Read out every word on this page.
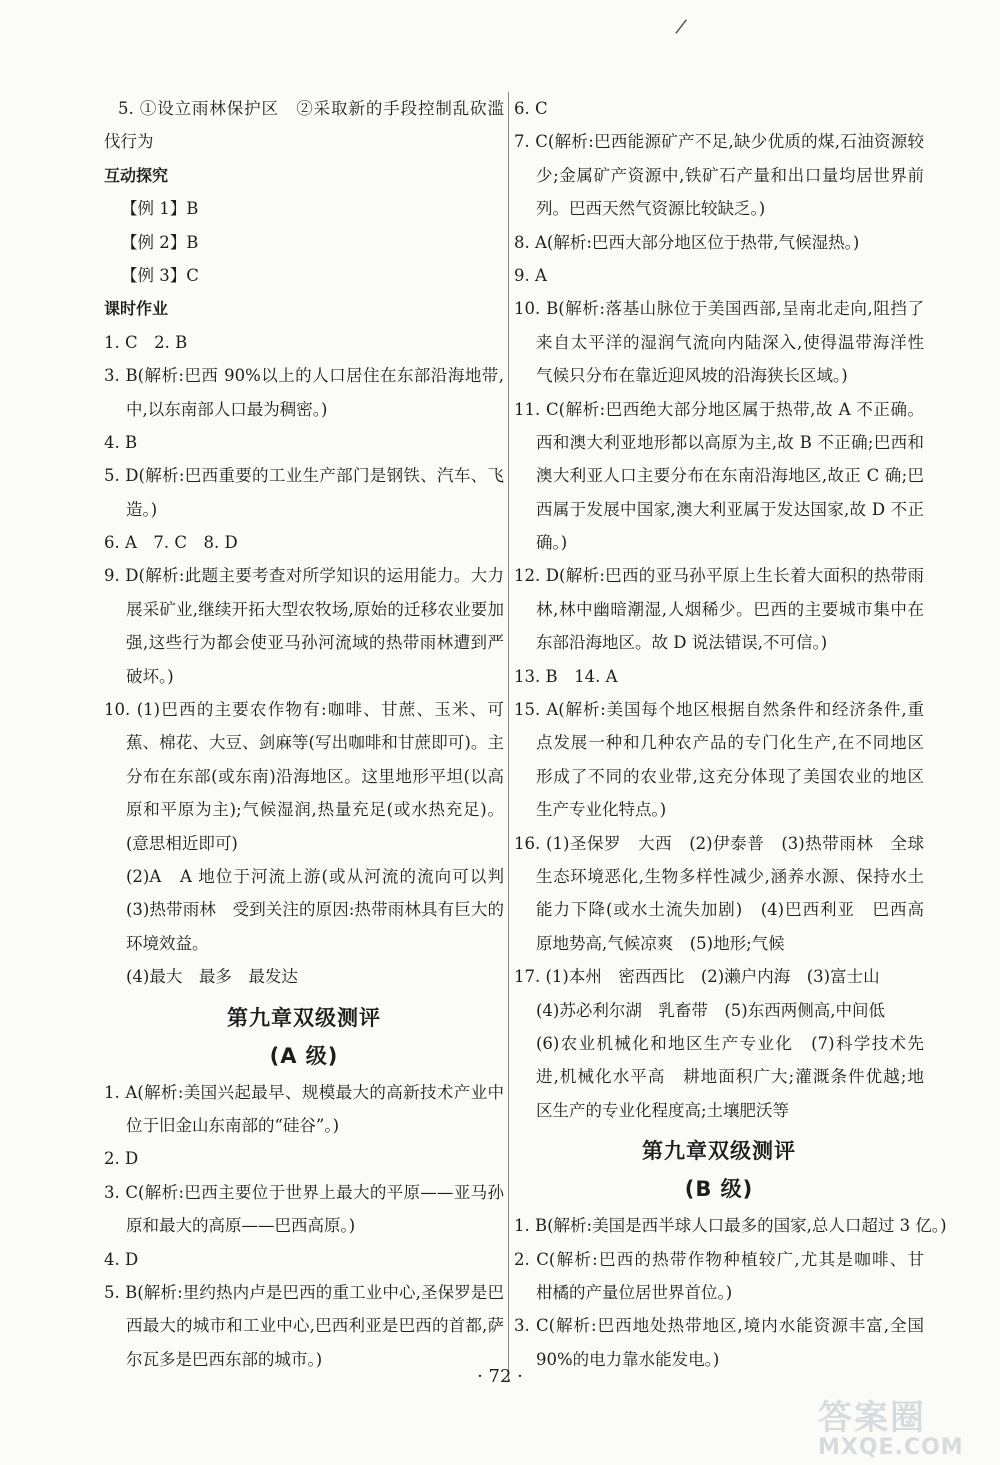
/
5. ①设立雨林保护区　②采取新的手段控制乱砍滥
伐行为
互动探究
【例 1】B
【例 2】B
【例 3】C
课时作业
1. C　2. B
3. B(解析:巴西 90%以上的人口居住在东部沿海地带,
中,以东南部人口最为稠密。)
4. B
5. D(解析:巴西重要的工业生产部门是钢铁、汽车、飞
造。)
6. A　7. C　8. D
9. D(解析:此题主要考查对所学知识的运用能力。大力
展采矿业,继续开拓大型农牧场,原始的迁移农业要加
强,这些行为都会使亚马孙河流域的热带雨林遭到严
破坏。)
10. (1)巴西的主要农作物有:咖啡、甘蔗、玉米、可
蕉、棉花、大豆、剑麻等(写出咖啡和甘蔗即可)。主
分布在东部(或东南)沿海地区。这里地形平坦(以高
原和平原为主);气候湿润,热量充足(或水热充足)。
(意思相近即可)
(2)A　A 地位于河流上游(或从河流的流向可以判
(3)热带雨林　受到关注的原因:热带雨林具有巨大的
环境效益。
(4)最大　最多　最发达
第九章双级测评
(A 级)
1. A(解析:美国兴起最早、规模最大的高新技术产业中
位于旧金山东南部的“硅谷”。)
2. D
3. C(解析:巴西主要位于世界上最大的平原——亚马孙
原和最大的高原——巴西高原。)
4. D
5. B(解析:里约热内卢是巴西的重工业中心,圣保罗是巴
西最大的城市和工业中心,巴西利亚是巴西的首都,萨
尔瓦多是巴西东部的城市。)
6. C
7. C(解析:巴西能源矿产不足,缺少优质的煤,石油资源较
少;金属矿产资源中,铁矿石产量和出口量均居世界前
列。巴西天然气资源比较缺乏。)
8. A(解析:巴西大部分地区位于热带,气候湿热。)
9. A
10. B(解析:落基山脉位于美国西部,呈南北走向,阻挡了
来自太平洋的湿润气流向内陆深入,使得温带海洋性
气候只分布在靠近迎风坡的沿海狭长区域。)
11. C(解析:巴西绝大部分地区属于热带,故 A 不正确。
西和澳大利亚地形都以高原为主,故 B 不正确;巴西和
澳大利亚人口主要分布在东南沿海地区,故正 C 确;巴
西属于发展中国家,澳大利亚属于发达国家,故 D 不正
确。)
12. D(解析:巴西的亚马孙平原上生长着大面积的热带雨
林,林中幽暗潮湿,人烟稀少。巴西的主要城市集中在
东部沿海地区。故 D 说法错误,不可信。)
13. B　14. A
15. A(解析:美国每个地区根据自然条件和经济条件,重
点发展一种和几种农产品的专门化生产,在不同地区
形成了不同的农业带,这充分体现了美国农业的地区
生产专业化特点。)
16. (1)圣保罗　大西　(2)伊泰普　(3)热带雨林　全球
生态环境恶化,生物多样性减少,涵养水源、保持水土
能力下降(或水土流失加剧)　(4)巴西利亚　巴西高
原地势高,气候凉爽　(5)地形;气候
17. (1)本州　密西西比　(2)濑户内海　(3)富士山
(4)苏必利尔湖　乳畜带　(5)东西两侧高,中间低
(6)农业机械化和地区生产专业化　(7)科学技术先
进,机械化水平高　耕地面积广大;灌溉条件优越;地
区生产的专业化程度高;土壤肥沃等
第九章双级测评
(B 级)
1. B(解析:美国是西半球人口最多的国家,总人口超过 3 亿。)
2. C(解析:巴西的热带作物种植较广,尤其是咖啡、甘
柑橘的产量位居世界首位。)
3. C(解析:巴西地处热带地区,境内水能资源丰富,全国
90%的电力靠水能发电。)
· 72 ·
答案圈
MXQE.COM
